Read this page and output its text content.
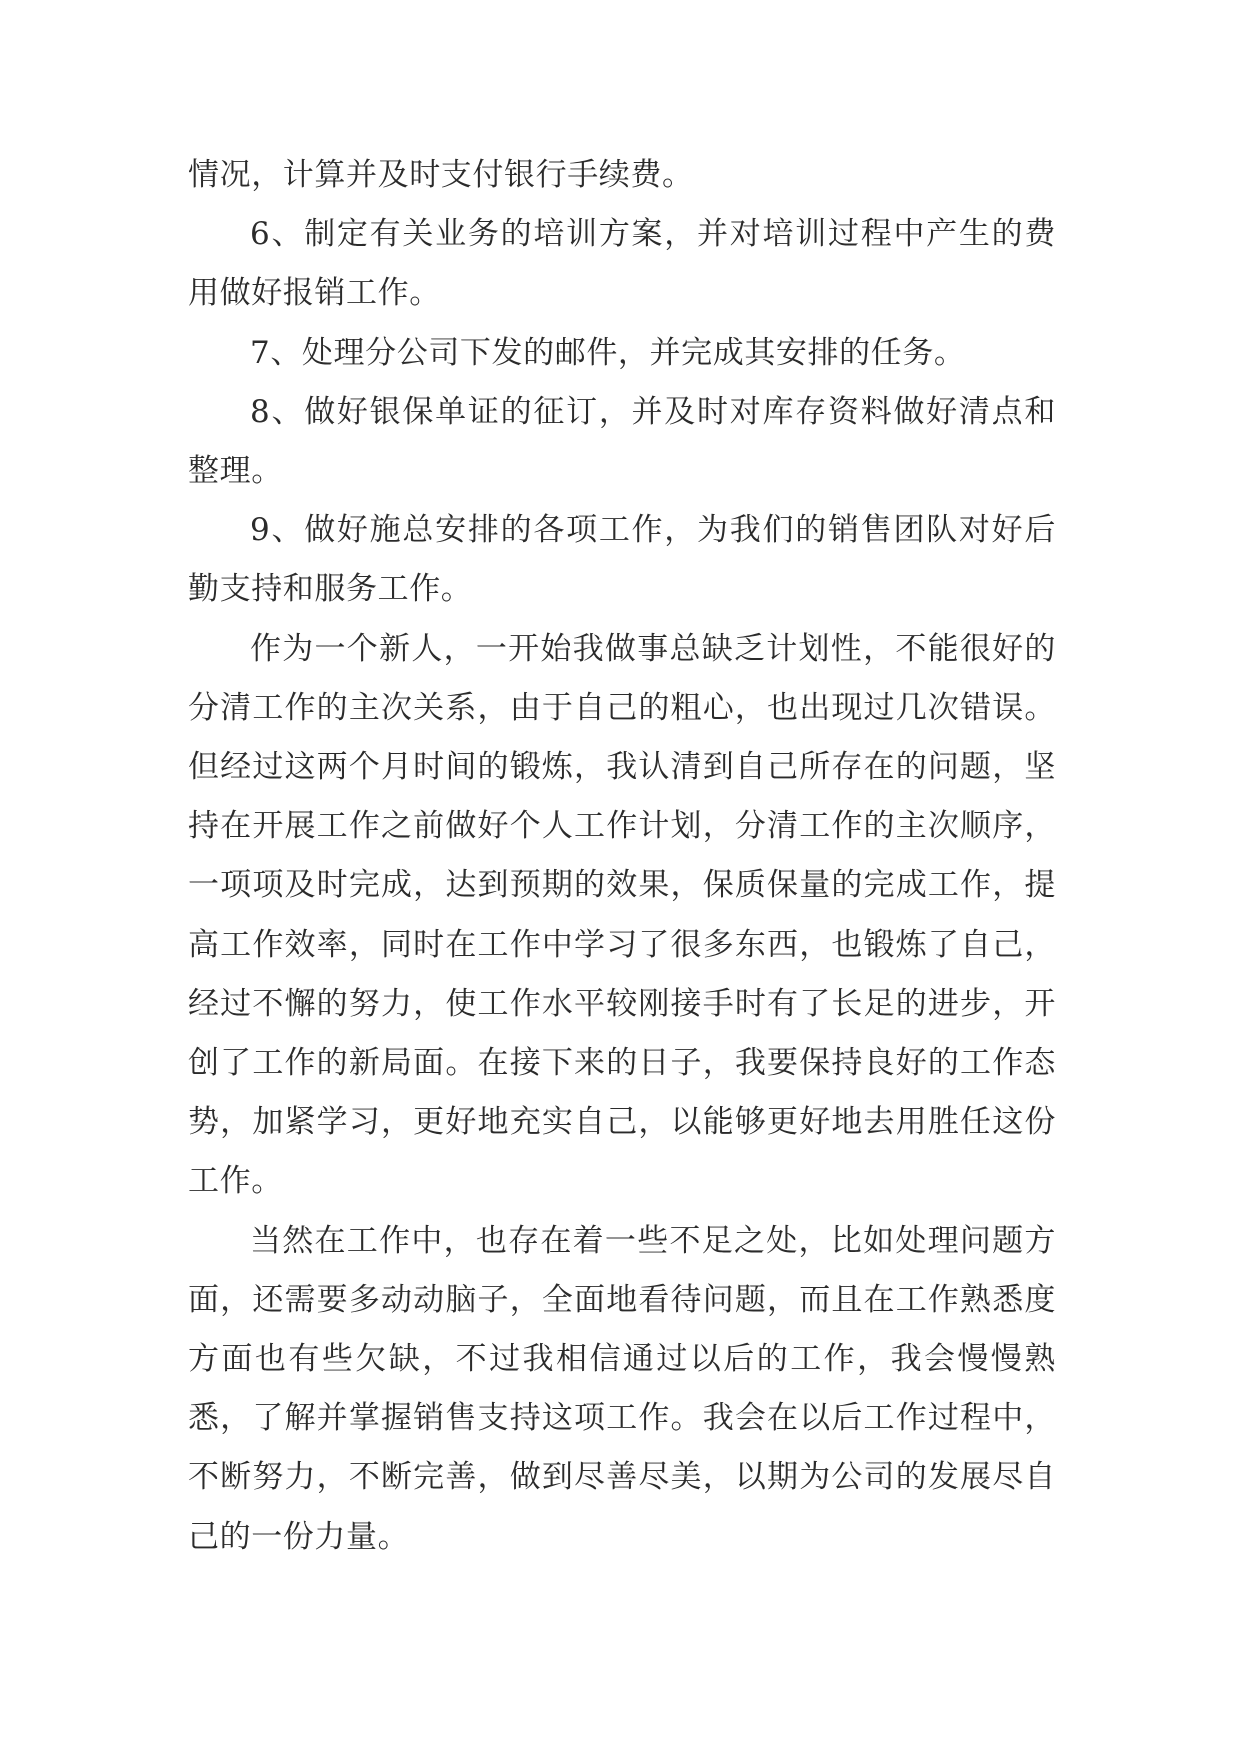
情况，计算并及时支付银行手续费。

6、制定有关业务的培训方案，并对培训过程中产生的费用做好报销工作。

7、处理分公司下发的邮件，并完成其安排的任务。

8、做好银保单证的征订，并及时对库存资料做好清点和整理。

9、做好施总安排的各项工作，为我们的销售团队对好后勤支持和服务工作。

作为一个新人，一开始我做事总缺乏计划性，不能很好的分清工作的主次关系，由于自己的粗心，也出现过几次错误。但经过这两个月时间的锻炼，我认清到自己所存在的问题，坚持在开展工作之前做好个人工作计划，分清工作的主次顺序，一项项及时完成，达到预期的效果，保质保量的完成工作，提高工作效率，同时在工作中学习了很多东西，也锻炼了自己，经过不懈的努力，使工作水平较刚接手时有了长足的进步，开创了工作的新局面。在接下来的日子，我要保持良好的工作态势，加紧学习，更好地充实自己，以能够更好地去用胜任这份工作。

当然在工作中，也存在着一些不足之处，比如处理问题方面，还需要多动动脑子，全面地看待问题，而且在工作熟悉度方面也有些欠缺，不过我相信通过以后的工作，我会慢慢熟悉，了解并掌握销售支持这项工作。我会在以后工作过程中，不断努力，不断完善，做到尽善尽美，以期为公司的发展尽自己的一份力量。
